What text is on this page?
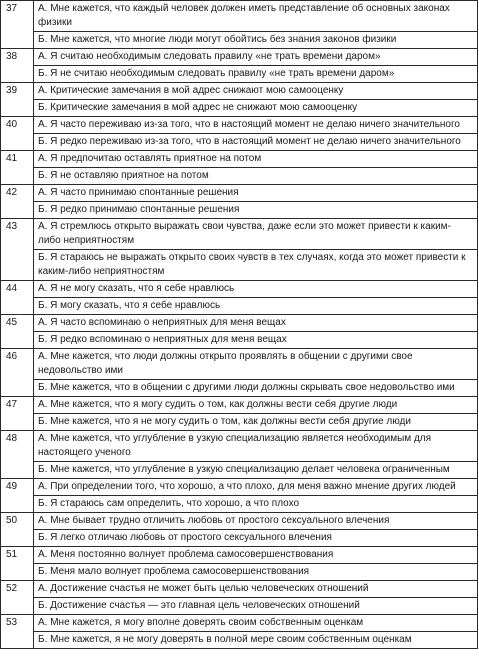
37	А. Мне кажется, что каждый человек должен иметь представление об основных законах физики
	Б. Мне кажется, что многие люди могут обойтись без знания законов физики
38	А. Я считаю необходимым следовать правилу «не трать времени даром»
	Б. Я не считаю необходимым следовать правилу «не трать времени даром»
39	А. Критические замечания в мой адрес снижают мою самооценку
	Б. Критические замечания в мой адрес не снижают мою самооценку
40	А. Я часто переживаю из-за того, что в настоящий момент не делаю ничего значительного
	Б. Я редко переживаю из-за того, что в настоящий момент не делаю ничего значительного
41	А. Я предпочитаю оставлять приятное на потом
	Б. Я не оставляю приятное на потом
42	А. Я часто принимаю спонтанные решения
	Б. Я редко принимаю спонтанные решения
43	А. Я стремлюсь открыто выражать свои чувства, даже если это может привести к каким-либо неприятностям
	Б. Я стараюсь не выражать открыто своих чувств в тех случаях, когда это может привести к каким-либо неприятностям
44	А. Я не могу сказать, что я себе нравлюсь
	Б. Я могу сказать, что я себе нравлюсь
45	А. Я часто вспоминаю о неприятных для меня вещах
	Б. Я редко вспоминаю о неприятных для меня вещах
46	А. Мне кажется, что люди должны открыто проявлять в общении с другими свое недовольство ими
	Б. Мне кажется, что в общении с другими люди должны скрывать свое недовольство ими
47	А. Мне кажется, что я могу судить о том, как должны вести себя другие люди
	Б. Мне кажется, что я не могу судить о том, как должны вести себя другие люди
48	А. Мне кажется, что углубление в узкую специализацию является необходимым для настоящего ученого
	Б. Мне кажется, что углубление в узкую специализацию делает человека ограниченным
49	А. При определении того, что хорошо, а что плохо, для меня важно мнение других людей
	Б. Я стараюсь сам определить, что хорошо, а что плохо
50	А. Мне бывает трудно отличить любовь от простого сексуального влечения
	Б. Я легко отличаю любовь от простого сексуального влечения
51	А. Меня постоянно волнует проблема самосовершенствования
	Б. Меня мало волнует проблема самосовершенствования
52	А. Достижение счастья не может быть целью человеческих отношений
	Б. Достижение счастья — это главная цель человеческих отношений
53	А. Мне кажется, я могу вполне доверять своим собственным оценкам
	Б. Мне кажется, я не могу доверять в полной мере своим собственным оценкам
